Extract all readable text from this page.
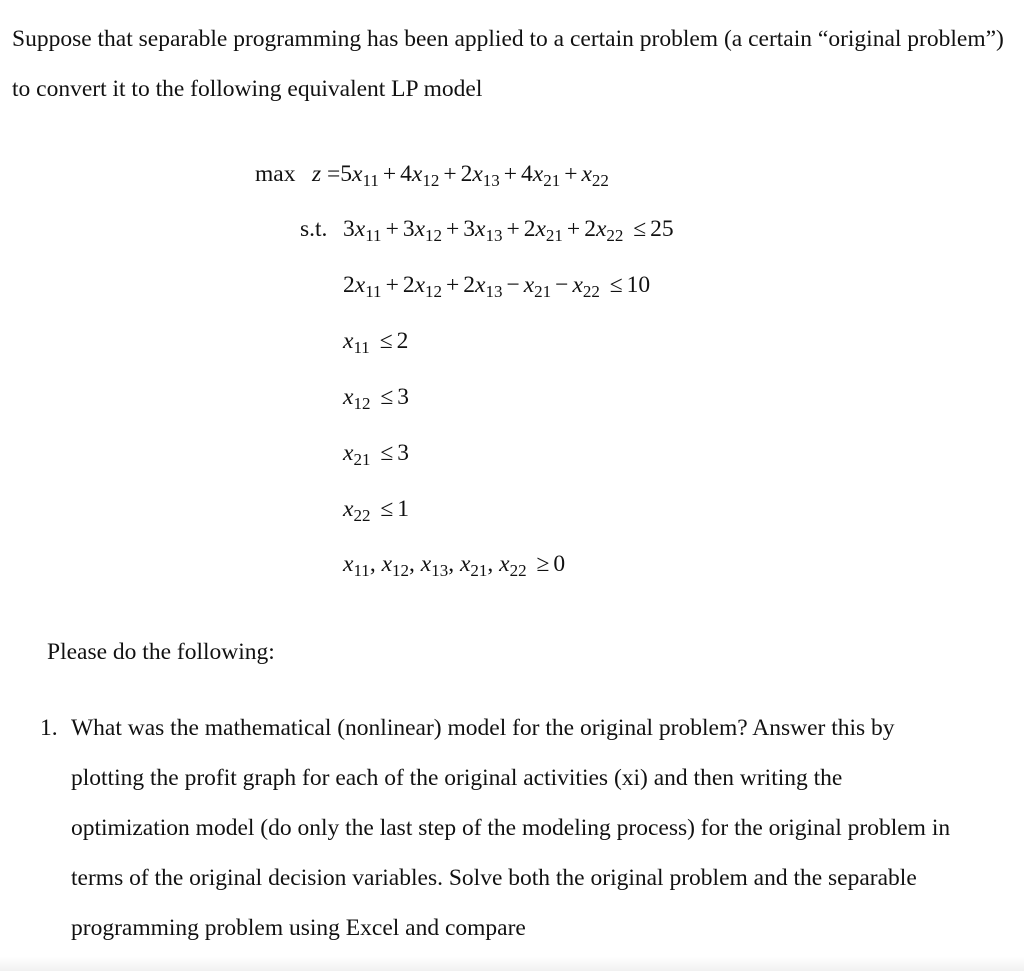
Suppose that separable programming has been applied to a certain problem (a certain “original problem”) to convert it to the following equivalent LP model

$\max z =5x_{11} + 4x_{12} + 2x_{13} + 4x_{21} + x_{22}$
s.t. $3x_{11} + 3x_{12} + 3x_{13} + 2x_{21} + 2x_{22} \le 25$
$2x_{11} + 2x_{12} + 2x_{13} - x_{21} - x_{22} \le 10$
$x_{11} \le 2$
$x_{12} \le 3$
$x_{21} \le 3$
$x_{22} \le 1$
$x_{11}$, $x_{12}$, $x_{13}$, $x_{21}$, $x_{22} \ge 0$
Please do the following:
1. What was the mathematical (nonlinear) model for the original problem? Answer this by plotting the profit graph for each of the original activities (xi) and then writing the optimization model (do only the last step of the modeling process) for the original problem in terms of the original decision variables. Solve both the original problem and the separable programming problem using Excel and compare
